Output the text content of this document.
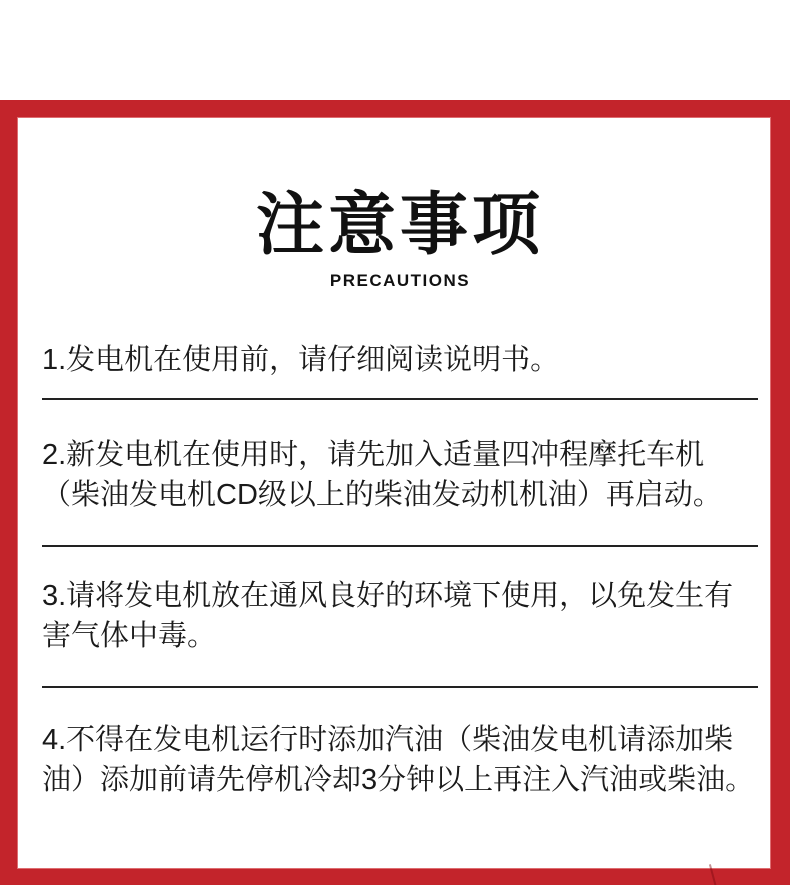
注意事项
PRECAUTIONS

1.发电机在使用前，请仔细阅读说明书。

2.新发电机在使用时，请先加入适量四冲程摩托车机（柴油发电机CD级以上的柴油发动机机油）再启动。

3.请将发电机放在通风良好的环境下使用，以免发生有害气体中毒。

4.不得在发电机运行时添加汽油（柴油发电机请添加柴油）添加前请先停机冷却3分钟以上再注入汽油或柴油。
